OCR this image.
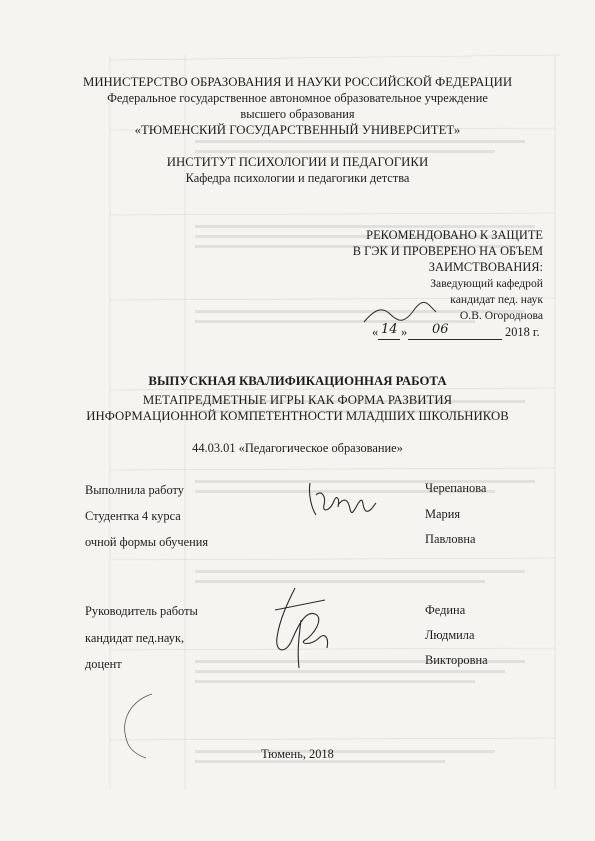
МИНИСТЕРСТВО ОБРАЗОВАНИЯ И НАУКИ РОССИЙСКОЙ ФЕДЕРАЦИИ
Федеральное государственное автономное образовательное учреждение
высшего образования
«ТЮМЕНСКИЙ ГОСУДАРСТВЕННЫЙ УНИВЕРСИТЕТ»
ИНСТИТУТ ПСИХОЛОГИИ И ПЕДАГОГИКИ
Кафедра психологии и педагогики детства
РЕКОМЕНДОВАНО К ЗАЩИТЕ
В ГЭК И ПРОВЕРЕНО НА ОБЪЕМ
ЗАИМСТВОВАНИЯ:
Заведующий кафедрой
кандидат пед. наук
О.В. Огороднова
« 14 » 06	2018 г.
ВЫПУСКНАЯ КВАЛИФИКАЦИОННАЯ РАБОТА
МЕТАПРЕДМЕТНЫЕ ИГРЫ КАК ФОРМА РАЗВИТИЯ
ИНФОРМАЦИОННОЙ КОМПЕТЕНТНОСТИ МЛАДШИХ ШКОЛЬНИКОВ
44.03.01 «Педагогическое образование»
Выполнила работу
Студентка 4 курса
очной формы обучения
Черепанова
Мария
Павловна
Руководитель работы
кандидат пед.наук,
доцент
Федина
Людмила
Викторовна
Тюмень, 2018
